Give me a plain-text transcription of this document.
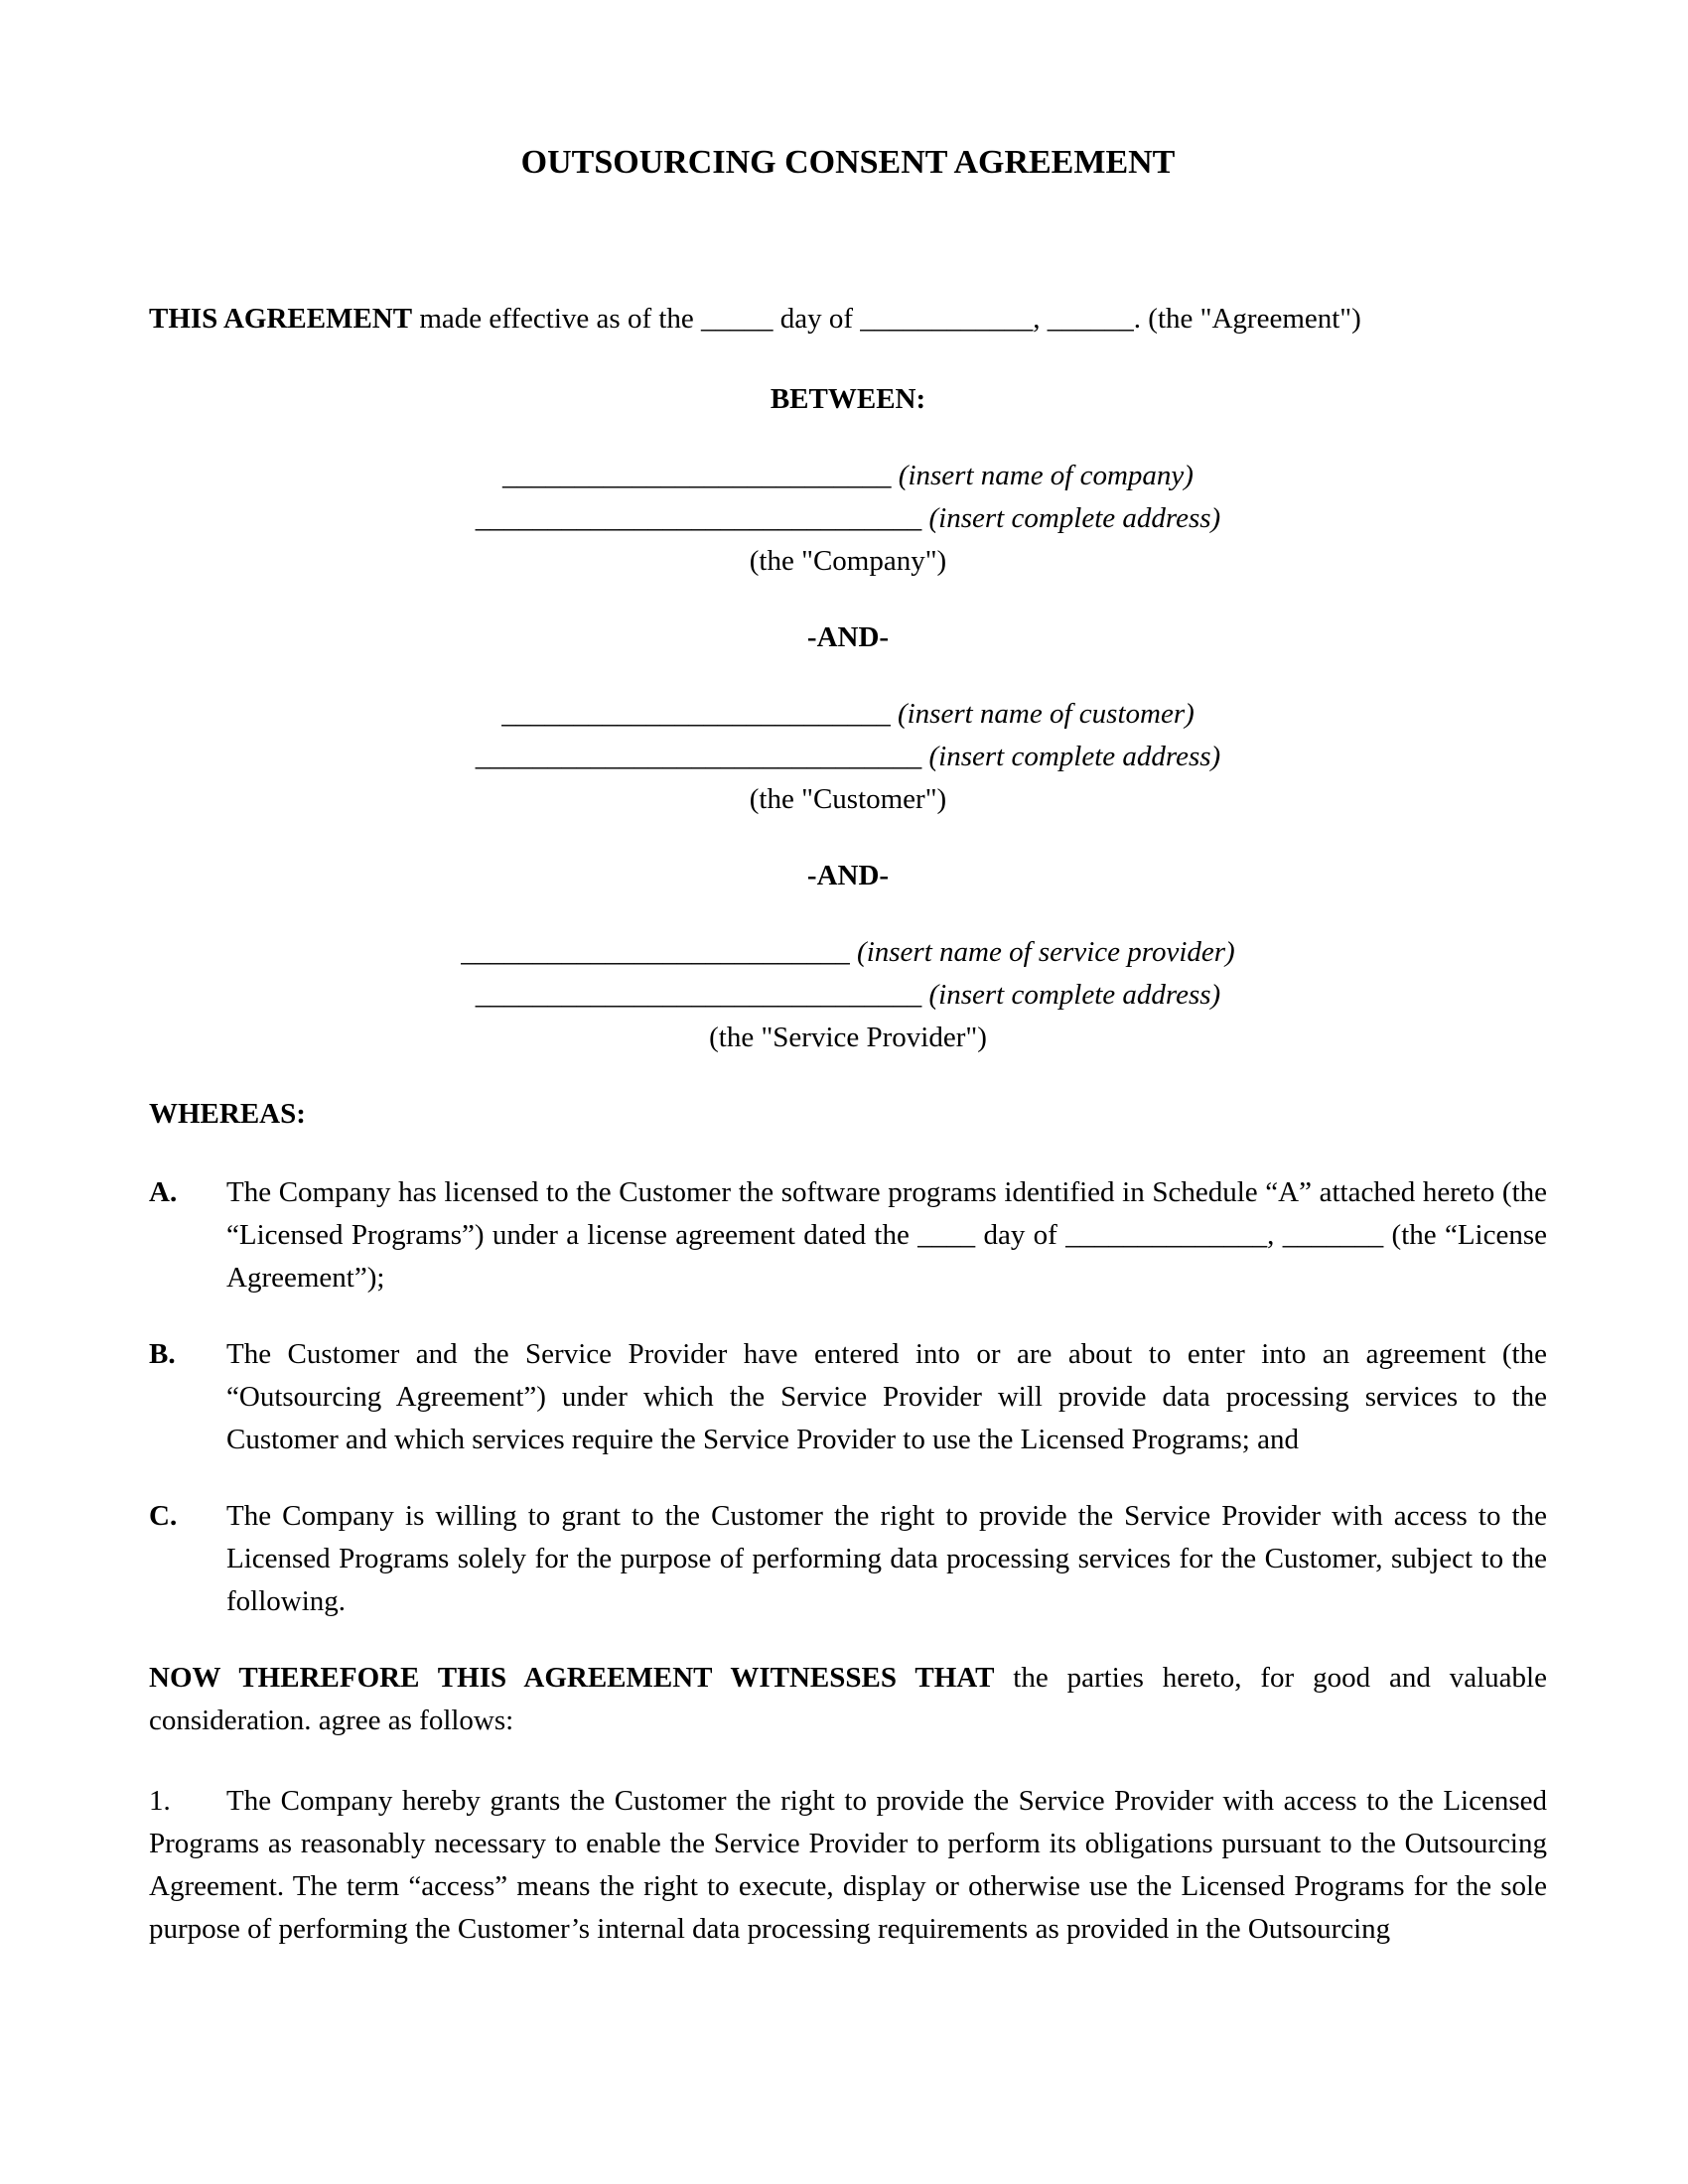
OUTSOURCING CONSENT AGREEMENT

THIS AGREEMENT made effective as of the _____ day of ____________, ______. (the "Agreement")

BETWEEN:
___________________________ (insert name of company)
_______________________________ (insert complete address)
(the "Company")
-AND-
___________________________ (insert name of customer)
_______________________________ (insert complete address)
(the "Customer")
-AND-
___________________________ (insert name of service provider)
_______________________________ (insert complete address)
(the "Service Provider")
WHEREAS:
A. The Company has licensed to the Customer the software programs identified in Schedule “A” attached hereto (the “Licensed Programs”) under a license agreement dated the ____ day of ______________, _______ (the “License Agreement”);
B. The Customer and the Service Provider have entered into or are about to enter into an agreement (the “Outsourcing Agreement”) under which the Service Provider will provide data processing services to the Customer and which services require the Service Provider to use the Licensed Programs; and
C. The Company is willing to grant to the Customer the right to provide the Service Provider with access to the Licensed Programs solely for the purpose of performing data processing services for the Customer, subject to the following.

NOW THEREFORE THIS AGREEMENT WITNESSES THAT the parties hereto, for good and valuable consideration. agree as follows:

1. The Company hereby grants the Customer the right to provide the Service Provider with access to the Licensed Programs as reasonably necessary to enable the Service Provider to perform its obligations pursuant to the Outsourcing Agreement. The term “access” means the right to execute, display or otherwise use the Licensed Programs for the sole purpose of performing the Customer’s internal data processing requirements as provided in the Outsourcing
